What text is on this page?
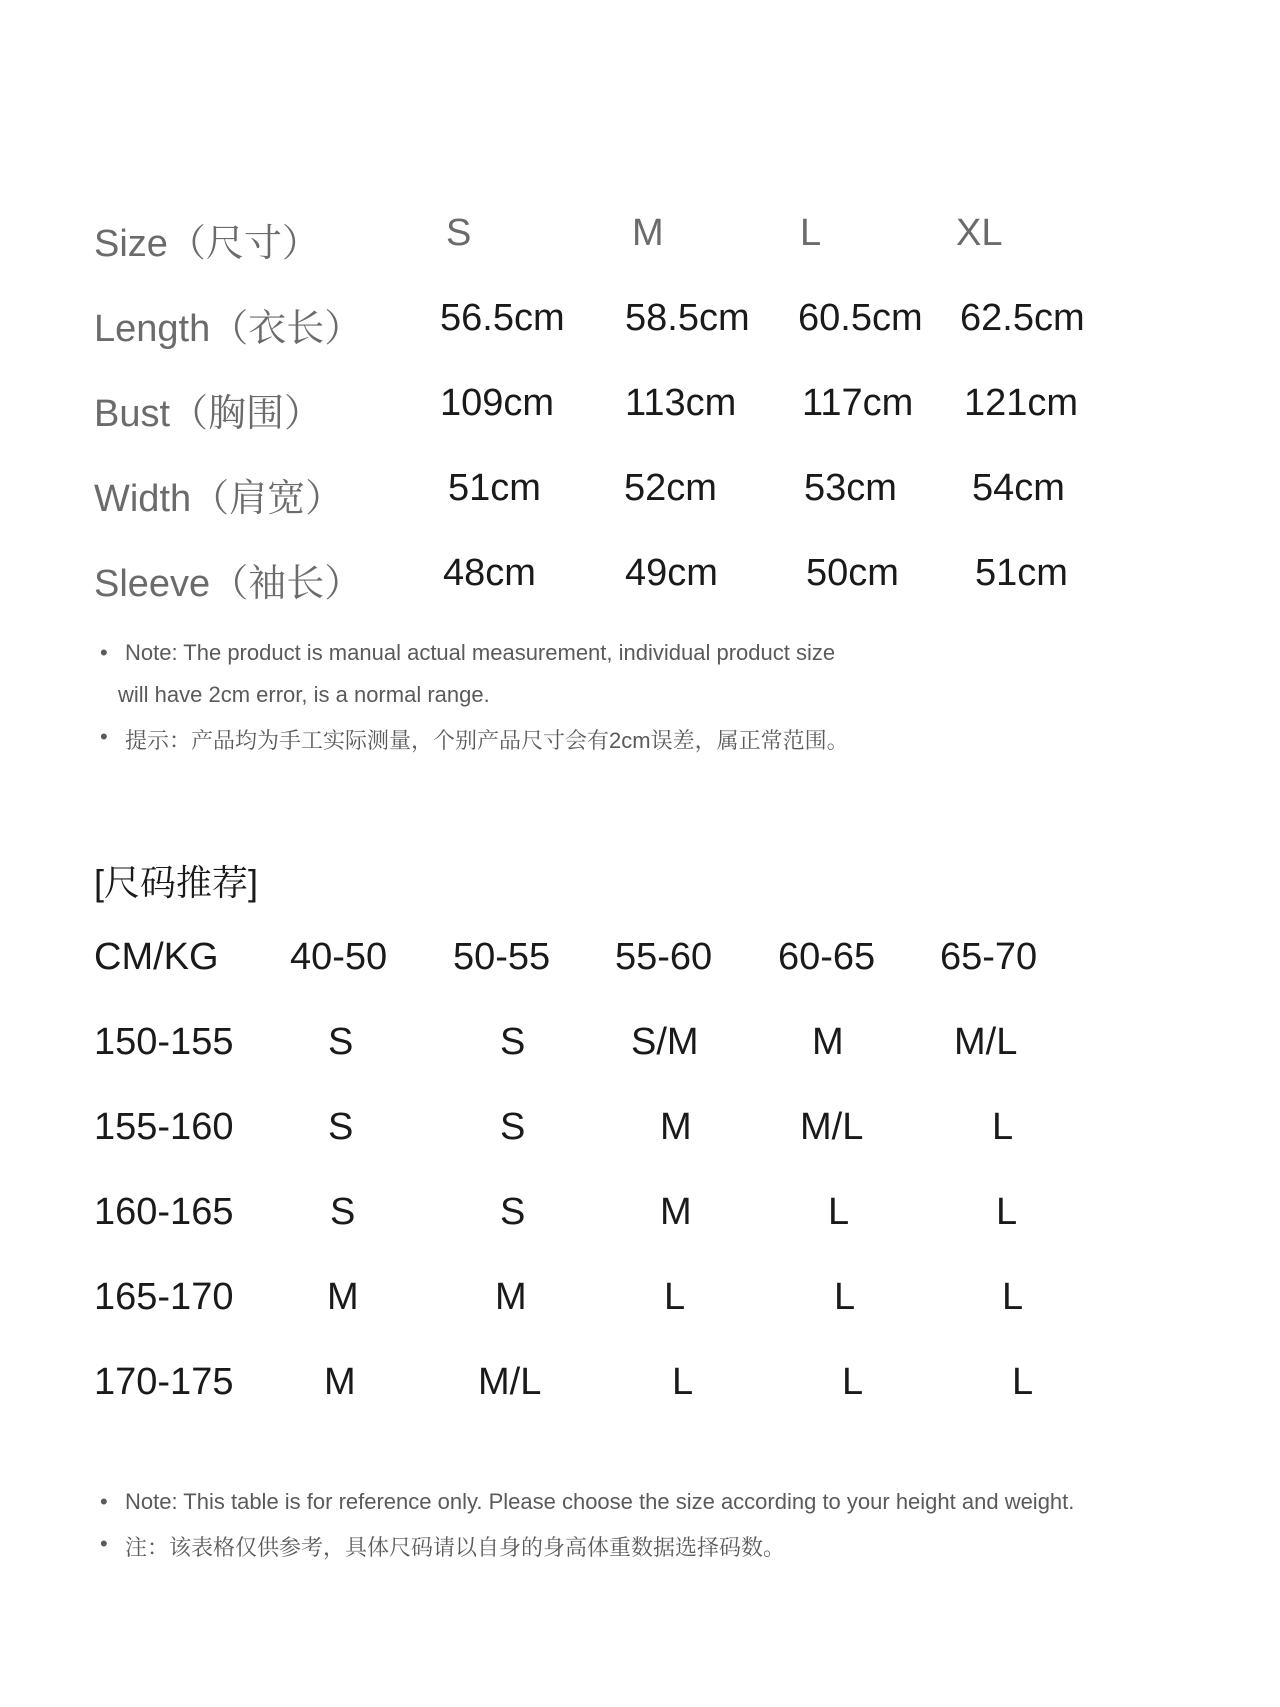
Size（尺寸）	S	M	L	XL
Length（衣长） 56.5cm 58.5cm 60.5cm 62.5cm
Bust（胸围）	109cm 113cm 117cm 121cm
Width（肩宽）	51cm 52cm 53cm 54cm
Sleeve（袖长） 48cm 49cm 50cm 51cm
• Note: The product is manual actual measurement, individual product size
will have 2cm error, is a normal range.
• 提示：产品均为手工实际测量，个别产品尺寸会有2cm误差，属正常范围。
[尺码推荐]
CM/KG 40-50 50-55 55-60 60-65 65-70
150-155 S	S	S/M	M	M/L
155-160 S	S	M	M/L	L
160-165	S	S	M	L	L
165-170 M	M	L	L	L
170-175 M	M/L	L	L	L
• Note: This table is for reference only. Please choose the size according to your height and weight.
• 注：该表格仅供参考，具体尺码请以自身的身高体重数据选择码数。
